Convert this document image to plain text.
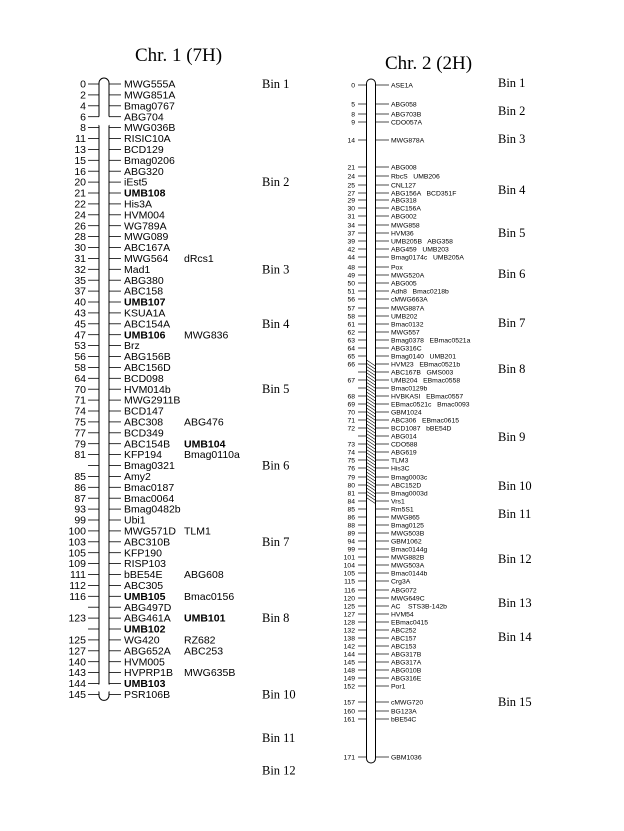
Chr. 1 (7H)	Chr. 2 (2H)
0	MWG555A
2	MWG851A
4	Bmag0767
6	ABG704
8	MWG036B
11	RISIC10A
13	BCD129
15	Bmag0206
16	ABG320
20	iEst5
21	UMB108
22	His3A
24	HVM004
26	WG789A
28	MWG089
30	ABC167A
31	MWG564 dRcs1
32	Mad1
35	ABG380
37	ABC158
40	UMB107
43	KSUA1A
45	ABC154A
47	UMB106 MWG836
53	Brz
56	ABG156B
58	ABC156D
64	BCD098
70	HVM014b
71	MWG2911B
74	BCD147
75	ABC308 ABG476
77	BCD349
79	ABC154B UMB104
81	KFP194 Bmag0110a
Bmag0321
85	Amy2
86	Bmac0187
87	Bmac0064
93	Bmag0482b
99	Ubi1
100	MWG571D TLM1
103	ABC310B
105	KFP190
109	RISP103
111	bBE54E ABG608
112	ABC305
116	UMB105 Bmac0156
ABG497D
123	ABG461A UMB101
UMB102
125	WG420 RZ682
127	ABG652A ABC253
140	HVM005
143	HVPRP1B MWG635B
144	UMB103
145	PSR106B
Bin 1
Bin 2
Bin 3
Bin 4
Bin 5
Bin 6
Bin 7
Bin 8
Bin 10
Bin 11
Bin 12
0	ASE1A
5	ABG058
8	ABG703B
9	CDO057A
14	MWG878A
21	ABG008
24	RbcS   UMB206
25	CNL127
27	ABG156A   BCD351F
29	ABG318
30	ABC156A
31	ABG002
34	MWG858
37	HVM36
39	UMB205B   ABG358
42	ABG459   UMB203
44	Bmag0174c   UMB205A
48	Pox
49	MWG520A
50	ABG005
51	Adh8   Bmac0218b
56	cMWG663A
57	MWG887A
58	UMB202
61	Bmac0132
62	MWG557
63	Bmag0378   EBmac0521a
64	ABG316C
65	Bmag0140   UMB201
66	HVM23   EBmac0521b
ABC167B   GMS003
67	UMB204   EBmac0558
Bmac0129b
68	HVBKASI   EBmac0557
69	EBmac0521c   Bmac0093
70	GBM1024
71	ABC306   EBmac0615
72	BCD1087   bBE54D
ABG014
73	CDO588
74	ABG619
75	TLM3
76	His3C
79	Bmag0003c
80	ABC152D
81	Bmag0003d
84	Vrs1
85	Rm5S1
86	MWG865
88	Bmag0125
89	MWG503B
94	GBM1062
99	Bmac0144g
101	MWG882B
104	MWG503A
105	Bmac0144b
115	Crg3A
116	ABG072
120	MWG649C
125	AC    STS3B-142b
127	HVM54
128	EBmac0415
132	ABC252
138	ABC157
142	ABC153
144	ABG317B
145	ABG317A
148	ABG010B
149	ABG316E
152	Por1
157	cMWG720
160	BG123A
161	bBE54C
171	GBM1036
Bin 1
Bin 2
Bin 3
Bin 4
Bin 5
Bin 6
Bin 7
Bin 8
Bin 9
Bin 10
Bin 11
Bin 12
Bin 13
Bin 14
Bin 15
